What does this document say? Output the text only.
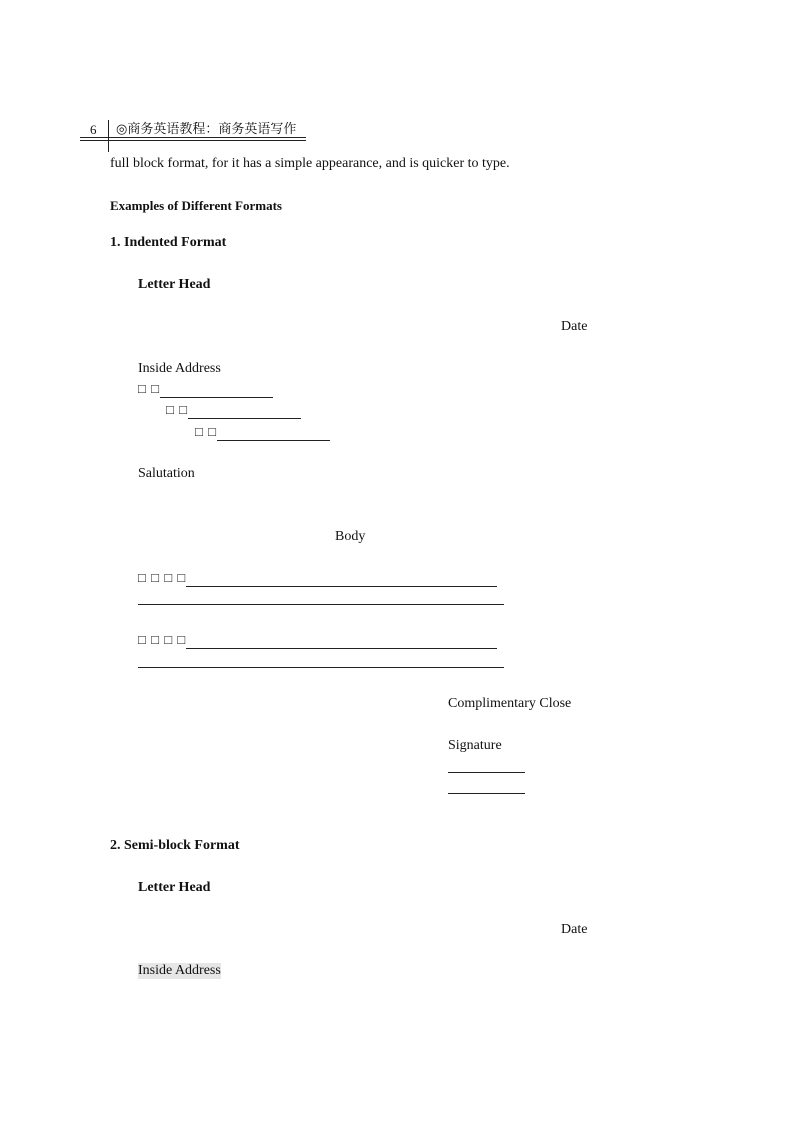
6 ◎商务英语教程：商务英语写作
full block format, for it has a simple appearance, and is quicker to type.
Examples of Different Formats
1. Indented Format
Letter Head
Date
Inside Address
□ □
□ □
□ □
Salutation
Body
□ □ □ □
□ □ □ □
Complimentary Close
Signature
2. Semi-block Format
Letter Head
Date
Inside Address
